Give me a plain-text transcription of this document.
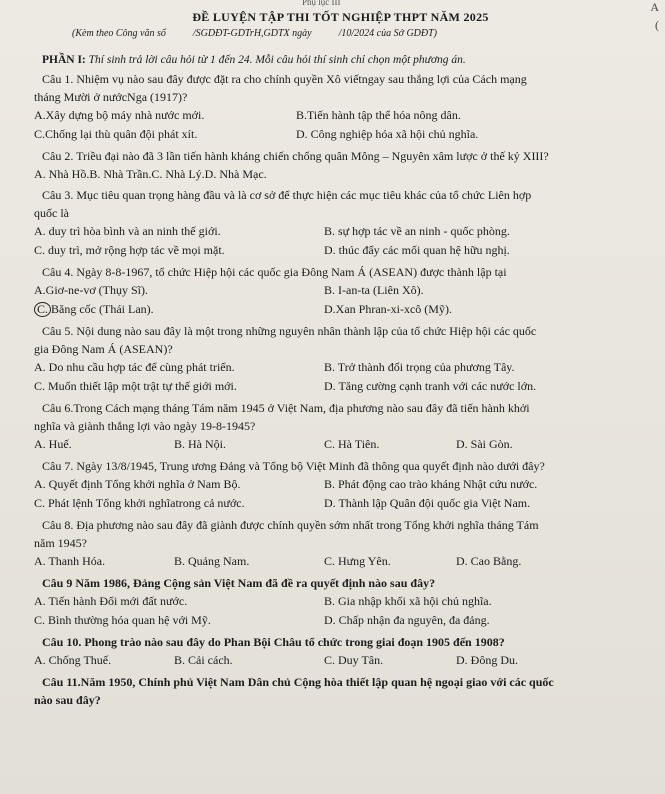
Phụ lục III	A
(
ĐỀ LUYỆN TẬP THI TỐT NGHIỆP THPT NĂM 2025
(Kèm theo Công văn số	/SGDĐT-GDTrH,GDTX ngày	/10/2024 của Sở GDĐT)
PHẦN I: Thí sinh trả lời câu hỏi từ 1 đến 24. Mỗi câu hỏi thí sinh chỉ chọn một phương án.
Câu 1. Nhiệm vụ nào sau đây được đặt ra cho chính quyền Xô viếtngay sau thắng lợi của Cách mạng
tháng Mười ở nướcNga (1917)?
A.Xây dựng bộ máy nhà nước mới.	B.Tiến hành tập thể hóa nông dân.
C.Chống lại thù quân đội phát xít.	D. Công nghiệp hóa xã hội chủ nghĩa.
Câu 2. Triều đại nào đã 3 lần tiến hành kháng chiến chống quân Mông – Nguyên xâm lược ở thế kỷ XIII?
A. Nhà Hồ.B. Nhà Trần.C. Nhà Lý.D. Nhà Mạc.
Câu 3. Mục tiêu quan trọng hàng đầu và là cơ sở để thực hiện các mục tiêu khác của tổ chức Liên hợp
quốc là
A. duy trì hòa bình và an ninh thế giới.	B. sự hợp tác về an ninh - quốc phòng.
C. duy trì, mở rộng hợp tác về mọi mặt.	D. thúc đẩy các mối quan hệ hữu nghị.
Câu 4. Ngày 8-8-1967, tổ chức Hiệp hội các quốc gia Đông Nam Á (ASEAN) được thành lập tại
A.Giơ-ne-vơ (Thụy Sĩ).	B. I-an-ta (Liên Xô).
C. Băng cốc (Thái Lan).	D.Xan Phran-xi-xcô (Mỹ).
Câu 5. Nội dung nào sau đây là một trong những nguyên nhân thành lập của tổ chức Hiệp hội các quốc
gia Đông Nam Á (ASEAN)?
A. Do nhu cầu hợp tác để cùng phát triển.	B. Trở thành đối trọng của phương Tây.
C. Muốn thiết lập một trật tự thế giới mới.	D. Tăng cường cạnh tranh với các nước lớn.
Câu 6.Trong Cách mạng tháng Tám năm 1945 ở Việt Nam, địa phương nào sau đây đã tiến hành khởi
nghĩa và giành thắng lợi vào ngày 19-8-1945?
A. Huế.	B. Hà Nội.	C. Hà Tiên.	D. Sài Gòn.
Câu 7. Ngày 13/8/1945, Trung ương Đảng và Tổng bộ Việt Minh đã thông qua quyết định nào dưới đây?
A. Quyết định Tổng khởi nghĩa ở Nam Bộ.	B. Phát động cao trào kháng Nhật cứu nước.
C. Phát lệnh Tổng khởi nghĩatrong cả nước.	D. Thành lập Quân đội quốc gia Việt Nam.
Câu 8. Địa phương nào sau đây đã giành được chính quyền sớm nhất trong Tổng khởi nghĩa tháng Tám
năm 1945?
A. Thanh Hóa.	B. Quảng Nam.	C. Hưng Yên.	D. Cao Bằng.
Câu 9 Năm 1986, Đảng Cộng sản Việt Nam đã đề ra quyết định nào sau đây?
A. Tiến hành Đổi mới đất nước.	B. Gia nhập khối xã hội chủ nghĩa.
C. Bình thường hóa quan hệ với Mỹ.	D. Chấp nhận đa nguyên, đa đảng.
Câu 10. Phong trào nào sau đây do Phan Bội Châu tổ chức trong giai đoạn 1905 đến 1908?
A. Chống Thuế.	B. Cải cách.	C. Duy Tân.	D. Đông Du.
Câu 11.Năm 1950, Chính phủ Việt Nam Dân chủ Cộng hòa thiết lập quan hệ ngoại giao với các quốc
nào sau đây?
